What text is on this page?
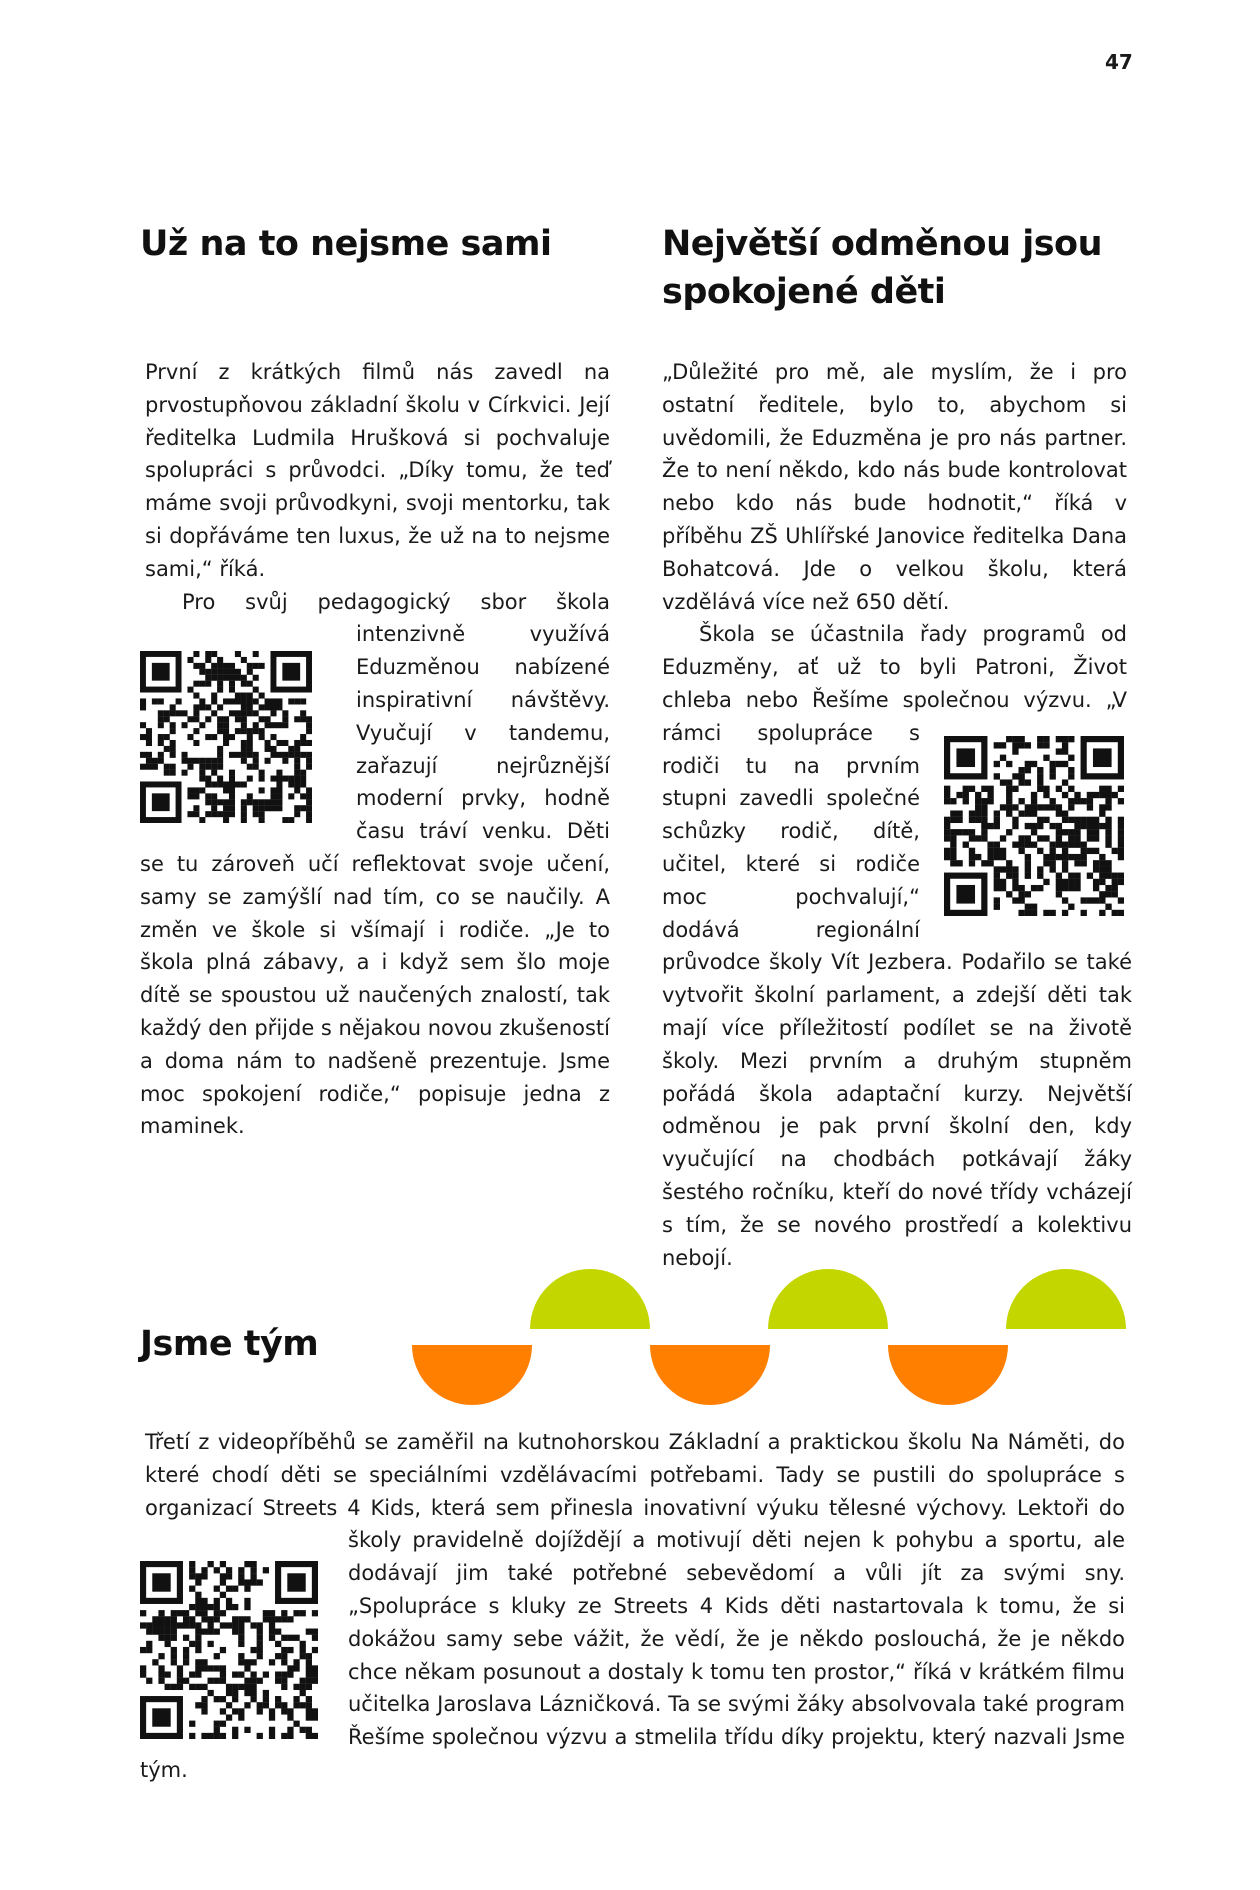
47
Už na to nejsme sami	Největší odměnou jsou spokojené děti

První z krátkých filmů nás zavedl na prvostupňovou základní školu v Církvici. Její ředitelka Ludmila Hrušková si pochvaluje spolupráci s průvodci. „Díky tomu, že teď máme svoji průvodkyni, svoji mentorku, tak si dopřáváme ten luxus, že už na to nejsme sami,“ říká.

Pro svůj pedagogický sbor škola intenzivně využívá Eduzměnou nabízené inspirativní návštěvy. Vyučují v tandemu, zařazují nejrůznější moderní prvky, hodně času tráví venku. Děti se tu zároveň učí reflektovat svoje učení, samy se zamýšlí nad tím, co se naučily. A změn ve škole si všímají i rodiče. „Je to škola plná zábavy, a i když sem šlo moje dítě se spoustou už naučených znalostí, tak každý den přijde s nějakou novou zkušeností a doma nám to nadšeně prezentuje. Jsme moc spokojení rodiče,“ popisuje jedna z maminek.

„Důležité pro mě, ale myslím, že i pro ostatní ředitele, bylo to, abychom si uvědomili, že Eduzměna je pro nás partner. Že to není někdo, kdo nás bude kontrolovat nebo kdo nás bude hodnotit,“ říká v příběhu ZŠ Uhlířské Janovice ředitelka Dana Bohatcová. Jde o velkou školu, která vzdělává více než 650 dětí.

Škola se účastnila řady programů od Eduzměny, ať už to byli Patroni, Život chleba nebo Řešíme společnou výzvu. „V rámci spolupráce s rodiči tu na prvním stupni zavedli společné schůzky rodič, dítě, učitel, které si rodiče moc pochvalují,“ dodává regionální průvodce školy Vít Jezbera. Podařilo se také vytvořit školní parlament, a zdejší děti tak mají více příležitostí podílet se na životě školy. Mezi prvním a druhým stupněm pořádá škola adaptační kurzy. Největší odměnou je pak první školní den, kdy vyučující na chodbách potkávají žáky šestého ročníku, kteří do nové třídy vcházejí s tím, že se nového prostředí a kolektivu nebojí.

Jsme tým

Třetí z videopříběhů se zaměřil na kutnohorskou Základní a praktickou školu Na Náměti, do které chodí děti se speciálními vzdělávacími potřebami. Tady se pustili do spolupráce s organizací Streets 4 Kids, která sem přinesla inovativní výuku tělesné výchovy. Lektoři do školy pravidelně dojíždějí a motivují děti nejen k pohybu a sportu, ale dodávají jim také potřebné sebevědomí a vůli jít za svými sny. „Spolupráce s kluky ze Streets 4 Kids děti nastartovala k tomu, že si dokážou samy sebe vážit, že vědí, že je někdo poslouchá, že je někdo chce někam posunout a dostaly k tomu ten prostor,“ říká v krátkém filmu učitelka Jaroslava Lázničková. Ta se svými žáky absolvovala také program Řešíme společnou výzvu a stmelila třídu díky projektu, který nazvali Jsme tým.
